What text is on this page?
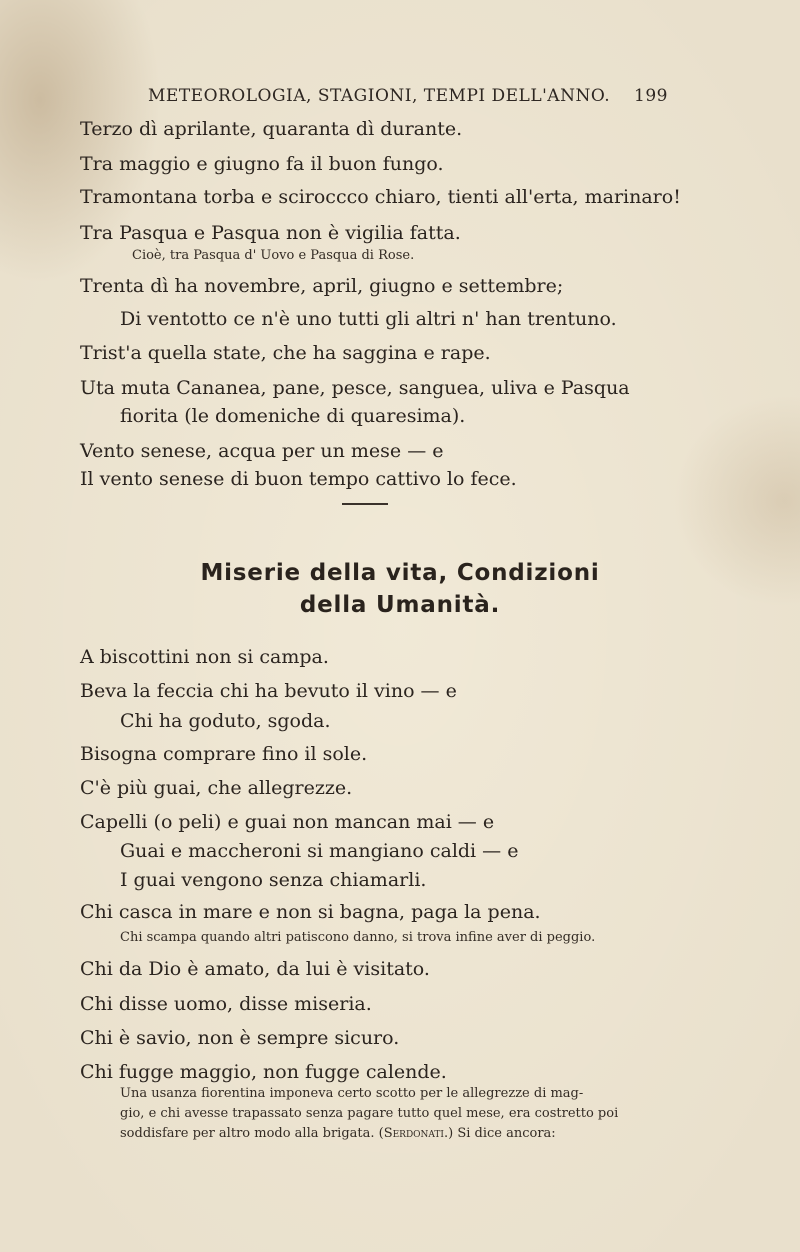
METEOROLOGIA, STAGIONI, TEMPI DELL'ANNO. 199
Terzo dì aprilante, quaranta dì durante.
Tra maggio e giugno fa il buon fungo.
Tramontana torba e sciroccco chiaro, tienti all'erta, marinaro!
Tra Pasqua e Pasqua non è vigilia fatta.
Cioè, tra Pasqua d' Uovo e Pasqua di Rose.
Trenta dì ha novembre, april, giugno e settembre;
Di ventotto ce n'è uno tutti gli altri n' han trentuno.
Trist'a quella state, che ha saggina e rape.
Uta muta Cananea, pane, pesce, sanguea, uliva e Pasqua
fiorita (le domeniche di quaresima).
Vento senese, acqua per un mese — e
Il vento senese di buon tempo cattivo lo fece.
Miserie della vita, Condizioni
della Umanità.
A biscottini non si campa.
Beva la feccia chi ha bevuto il vino — e
Chi ha goduto, sgoda.
Bisogna comprare fino il sole.
C'è più guai, che allegrezze.
Capelli (o peli) e guai non mancan mai — e
Guai e maccheroni si mangiano caldi — e
I guai vengono senza chiamarli.
Chi casca in mare e non si bagna, paga la pena.
Chi scampa quando altri patiscono danno, si trova infine aver di peggio.
Chi da Dio è amato, da lui è visitato.
Chi disse uomo, disse miseria.
Chi è savio, non è sempre sicuro.
Chi fugge maggio, non fugge calende.
Una usanza fiorentina imponeva certo scotto per le allegrezze di mag-
gio, e chi avesse trapassato senza pagare tutto quel mese, era costretto poi
soddisfare per altro modo alla brigata. (Serdonati.) Si dice ancora:
